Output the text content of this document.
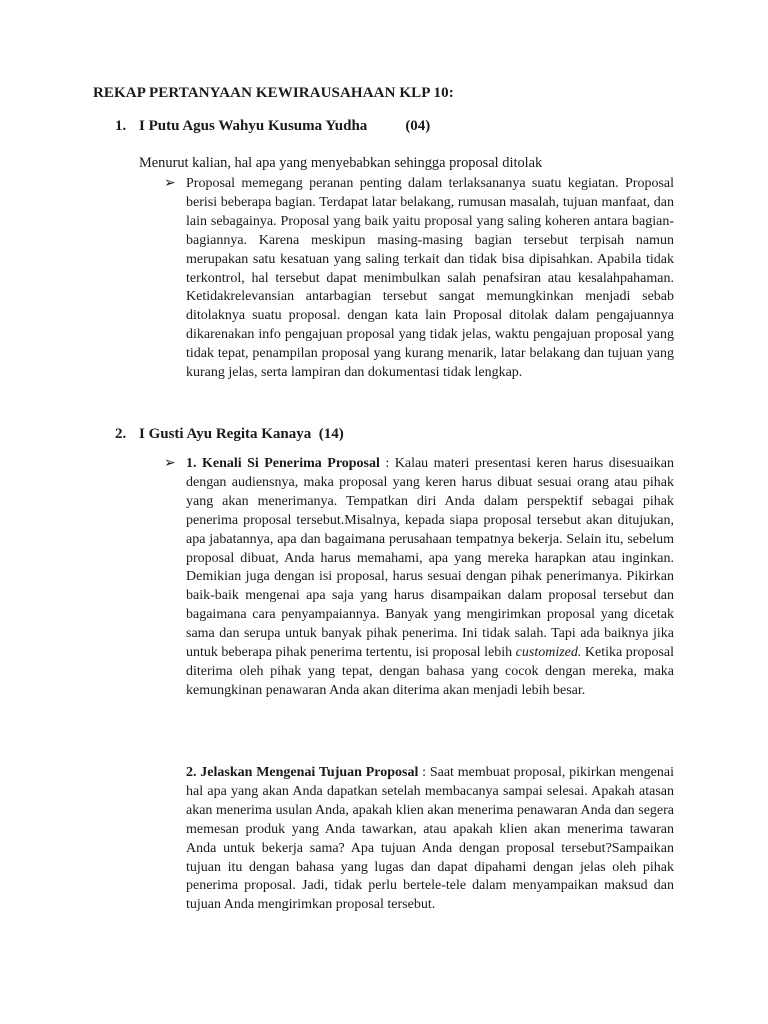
REKAP PERTANYAAN KEWIRAUSAHAAN KLP 10:
1. I Putu Agus Wahyu Kusuma Yudha	(04)
Menurut kalian, hal apa yang menyebabkan sehingga proposal ditolak
➢ Proposal memegang peranan penting dalam terlaksananya suatu kegiatan. Proposal berisi beberapa bagian. Terdapat latar belakang, rumusan masalah, tujuan manfaat, dan lain sebagainya. Proposal yang baik yaitu proposal yang saling koheren antara bagian-bagiannya. Karena meskipun masing-masing bagian tersebut terpisah namun merupakan satu kesatuan yang saling terkait dan tidak bisa dipisahkan. Apabila tidak terkontrol, hal tersebut dapat menimbulkan salah penafsiran atau kesalahpahaman. Ketidakrelevansian antarbagian tersebut sangat memungkinkan menjadi sebab ditolaknya suatu proposal. dengan kata lain Proposal ditolak dalam pengajuannya dikarenakan info pengajuan proposal yang tidak jelas, waktu pengajuan proposal yang tidak tepat, penampilan proposal yang kurang menarik, latar belakang dan tujuan yang kurang jelas, serta lampiran dan dokumentasi tidak lengkap.
2. I Gusti Ayu Regita Kanaya (14)
➢ 1. Kenali Si Penerima Proposal : Kalau materi presentasi keren harus disesuaikan dengan audiensnya, maka proposal yang keren harus dibuat sesuai orang atau pihak yang akan menerimanya. Tempatkan diri Anda dalam perspektif sebagai pihak penerima proposal tersebut.Misalnya, kepada siapa proposal tersebut akan ditujukan, apa jabatannya, apa dan bagaimana perusahaan tempatnya bekerja. Selain itu, sebelum proposal dibuat, Anda harus memahami, apa yang mereka harapkan atau inginkan. Demikian juga dengan isi proposal, harus sesuai dengan pihak penerimanya. Pikirkan baik-baik mengenai apa saja yang harus disampaikan dalam proposal tersebut dan bagaimana cara penyampaiannya. Banyak yang mengirimkan proposal yang dicetak sama dan serupa untuk banyak pihak penerima. Ini tidak salah. Tapi ada baiknya jika untuk beberapa pihak penerima tertentu, isi proposal lebih customized. Ketika proposal diterima oleh pihak yang tepat, dengan bahasa yang cocok dengan mereka, maka kemungkinan penawaran Anda akan diterima akan menjadi lebih besar.
2. Jelaskan Mengenai Tujuan Proposal : Saat membuat proposal, pikirkan mengenai hal apa yang akan Anda dapatkan setelah membacanya sampai selesai. Apakah atasan akan menerima usulan Anda, apakah klien akan menerima penawaran Anda dan segera memesan produk yang Anda tawarkan, atau apakah klien akan menerima tawaran Anda untuk bekerja sama? Apa tujuan Anda dengan proposal tersebut?Sampaikan tujuan itu dengan bahasa yang lugas dan dapat dipahami dengan jelas oleh pihak penerima proposal. Jadi, tidak perlu bertele-tele dalam menyampaikan maksud dan tujuan Anda mengirimkan proposal tersebut.
